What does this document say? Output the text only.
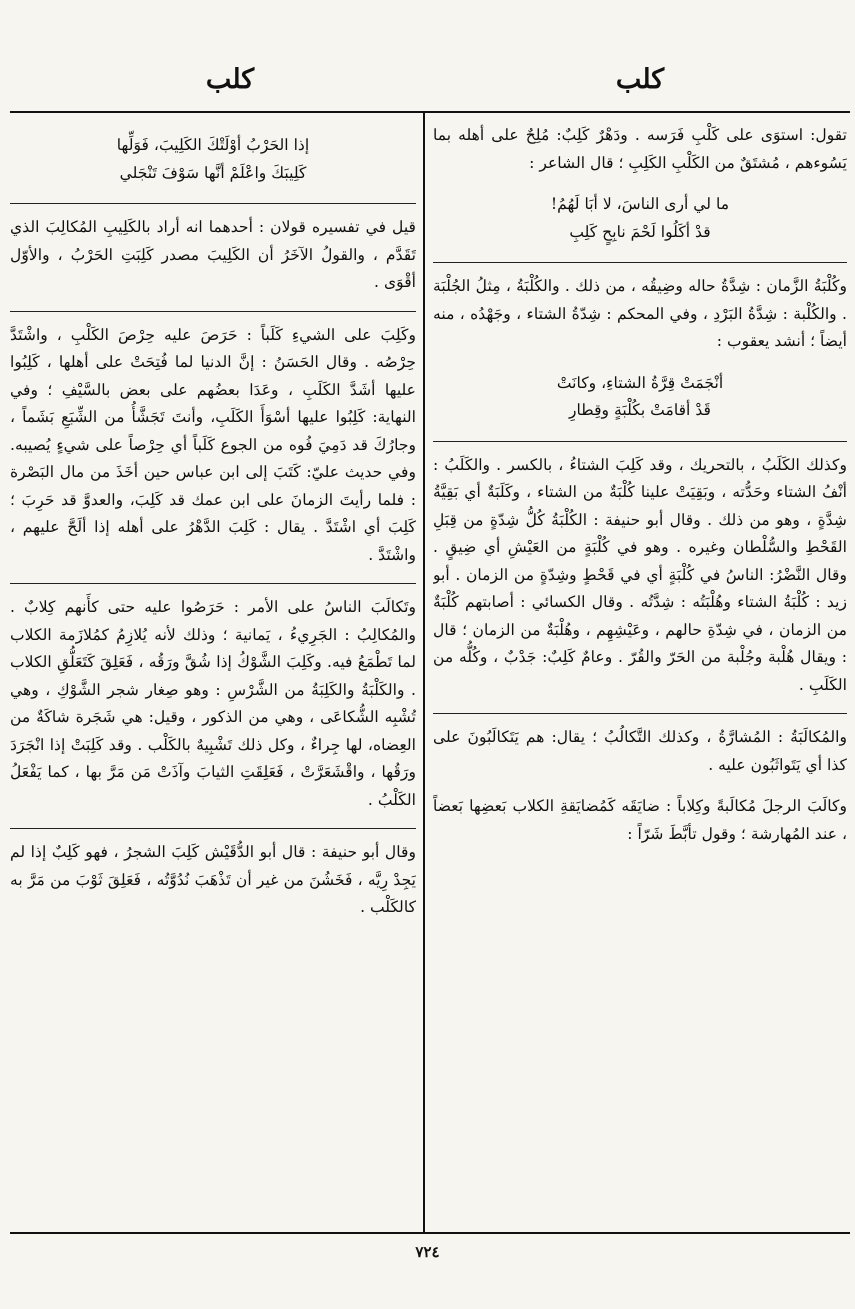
كلب
كلب

تقول: استوَى على كَلْبِ فَرَسه . ودَهْرٌ كَلِبٌ: مُلِحٌ على أهله بما يَسُوءهم ، مُشتَقٌ من الكَلْبِ الكَلِبِ ؛ قال الشاعر :

ما لي أرى الناسَ، لا أبَا لَهُمُ!
قدْ أكَلُوا لَحْمَ نابِحٍ كَلِبِ

وكُلْبَةُ الزَّمان : شِدَّةُ حاله وضِيقُه ، من ذلك . والكُلْبَةُ ، مِثلُ الجُلْبَة . والكُلْبة : شِدَّةُ البَرْدِ ، وفي المحكم : شِدّةُ الشتاء ، وجَهْدُه ، منه أيضاً ؛ أنشد يعقوب :

أنْجَمَتْ قِرَّةُ الشتاءِ، وكانَتْ
قَدْ أقامَتْ بكُلْبَةٍ وقِطارِ

وكذلك الكَلَبُ ، بالتحريك ، وقد كَلِبَ الشتاءُ ، بالكسر . والكَلَبُ : أنْفُ الشتاء وحَدُّته ، وبَقِيَتْ علينا كُلْبَةٌ من الشتاء ، وكَلَبَةٌ أي بَقِيَّةُ شِدَّةٍ ، وهو من ذلك . وقال أبو حنيفة : الكُلْبَةُ كُلُّ شِدّةٍ من قِبَلِ القَحْطِ والسُّلْطان وغيره . وهو في كُلْبَةٍ من العَيْشِ أي ضِيقٍ . وقال النَّضْرُ: الناسُ في كُلْبَةٍ أي في قَحْطٍ وشِدّةٍ من الزمان . أبو زيد : كُلْبَةُ الشتاء وهُلْبَتُه : شِدَّتُه . وقال الكسائي : أصابتهم كُلْبَةٌ من الزمان ، في شِدّةِ حالهم ، وعَيْشِهِم ، وهُلْبَةٌ من الزمان ؛ قال : ويقال هُلْبة وجُلْبة من الحَرّ والقُرّ . وعامٌ كَلِبٌ: جَدْبٌ ، وكُلُّه من الكَلَبِ .

والمُكالَبَةُ : المُشارَّةُ ، وكذلك التَّكالُبُ ؛ يقال: هم يَتَكالَبُونَ على كذا أي يَتَواثَبُون عليه .

وكالَبَ الرجلَ مُكالَبةً وكِلاباً : ضايَقَه كَمُضايَقةِ الكلاب بَعضِها بَعضاً ، عند المُهارشة ؛ وقول تأبَّطَ شَرّاً :

إذا الحَرْبُ أوْلَتْكَ الكَلِيبَ، فَوَلِّها
كَلِيبَكَ واعْلَمْ أنَّها سَوْفَ تَنْجَلي

قيل في تفسيره قولان : أحدهما انه أراد بالكَلِيبِ المُكالِبَ الذي تَقَدَّم ، والقولُ الآخَرُ أن الكَلِيبَ مصدر كَلِبَتِ الحَرْبُ ، والأوّل أقْوَى .

وكَلِبَ على الشيءِ كَلَباً : حَرَصَ عليه حِرْصَ الكَلْبِ ، واشْتَدَّ حِرْصُه . وقال الحَسَنُ : إنَّ الدنيا لما فُتِحَتْ على أهلها ، كَلِبُوا عليها أشَدَّ الكَلَبِ ، وعَدَا بعضُهم على بعض بالسَّيْفِ ؛ وفي النهاية: كَلِبُوا عليها أسْوَأَ الكَلَبِ، وأنتَ تَجَشَّأُ من الشِّبَعِ بَشَماً ، وجارُكَ قد دَمِيَ فُوه من الجوع كَلَباً أي حِرْصاً على شيءٍ يُصيبه. وفي حديث عليّ: كَتَبَ إلى ابن عباس حين أخَذَ من مال البَصْرة : فلما رأيتَ الزمانَ على ابن عمك قد كَلِبَ، والعدوَّ قد حَرِبَ ؛ كَلِبَ أي اشْتَدَّ . يقال : كَلِبَ الدَّهْرُ على أهله إذا ألَحَّ عليهم ، واشْتَدَّ .

وتَكالَبَ الناسُ على الأمر : حَرَصُوا عليه حتى كأَنهم كِلابٌ . والمُكالِبُ : الجَرِيءُ ، يَمانية ؛ وذلك لأنه يُلازِمُ كمُلازَمة الكلاب لما تَطْمَعُ فيه. وكَلِبَ الشَّوْكُ إذا شُقَّ ورَقُه ، فَعَلِقَ كَتَعَلُّقِ الكلاب . والكَلْبَةُ والكَلِبَةُ من الشَّرْسِ : وهو صِغار شجر الشَّوْكِ ، وهي تُشْبِه الشُّكاعَى ، وهي من الذكور ، وقيل: هي شَجَرة شاكَةٌ من العِضاه، لها جِراءٌ ، وكل ذلك تَشْبِيهٌ بالكَلْب . وقد كَلِبَتْ إذا انْجَرَدَ ورَقُها ، واقْشَعَرَّتْ ، فَعَلِقَتِ الثيابَ وآذَتْ مَن مَرَّ بها ، كما يَفْعَلُ الكَلْبُ .

وقال أبو حنيفة : قال أبو الدُّقَيْش كَلِبَ الشجرُ ، فهو كَلِبٌ إذا لم يَجِدْ رِيَّه ، فَخَشُنَ من غير أن تَذْهَبَ نُدُوَّتُه ، فَعَلِقَ ثَوْبَ من مَرَّ به كالكَلْب .

٧٢٤
